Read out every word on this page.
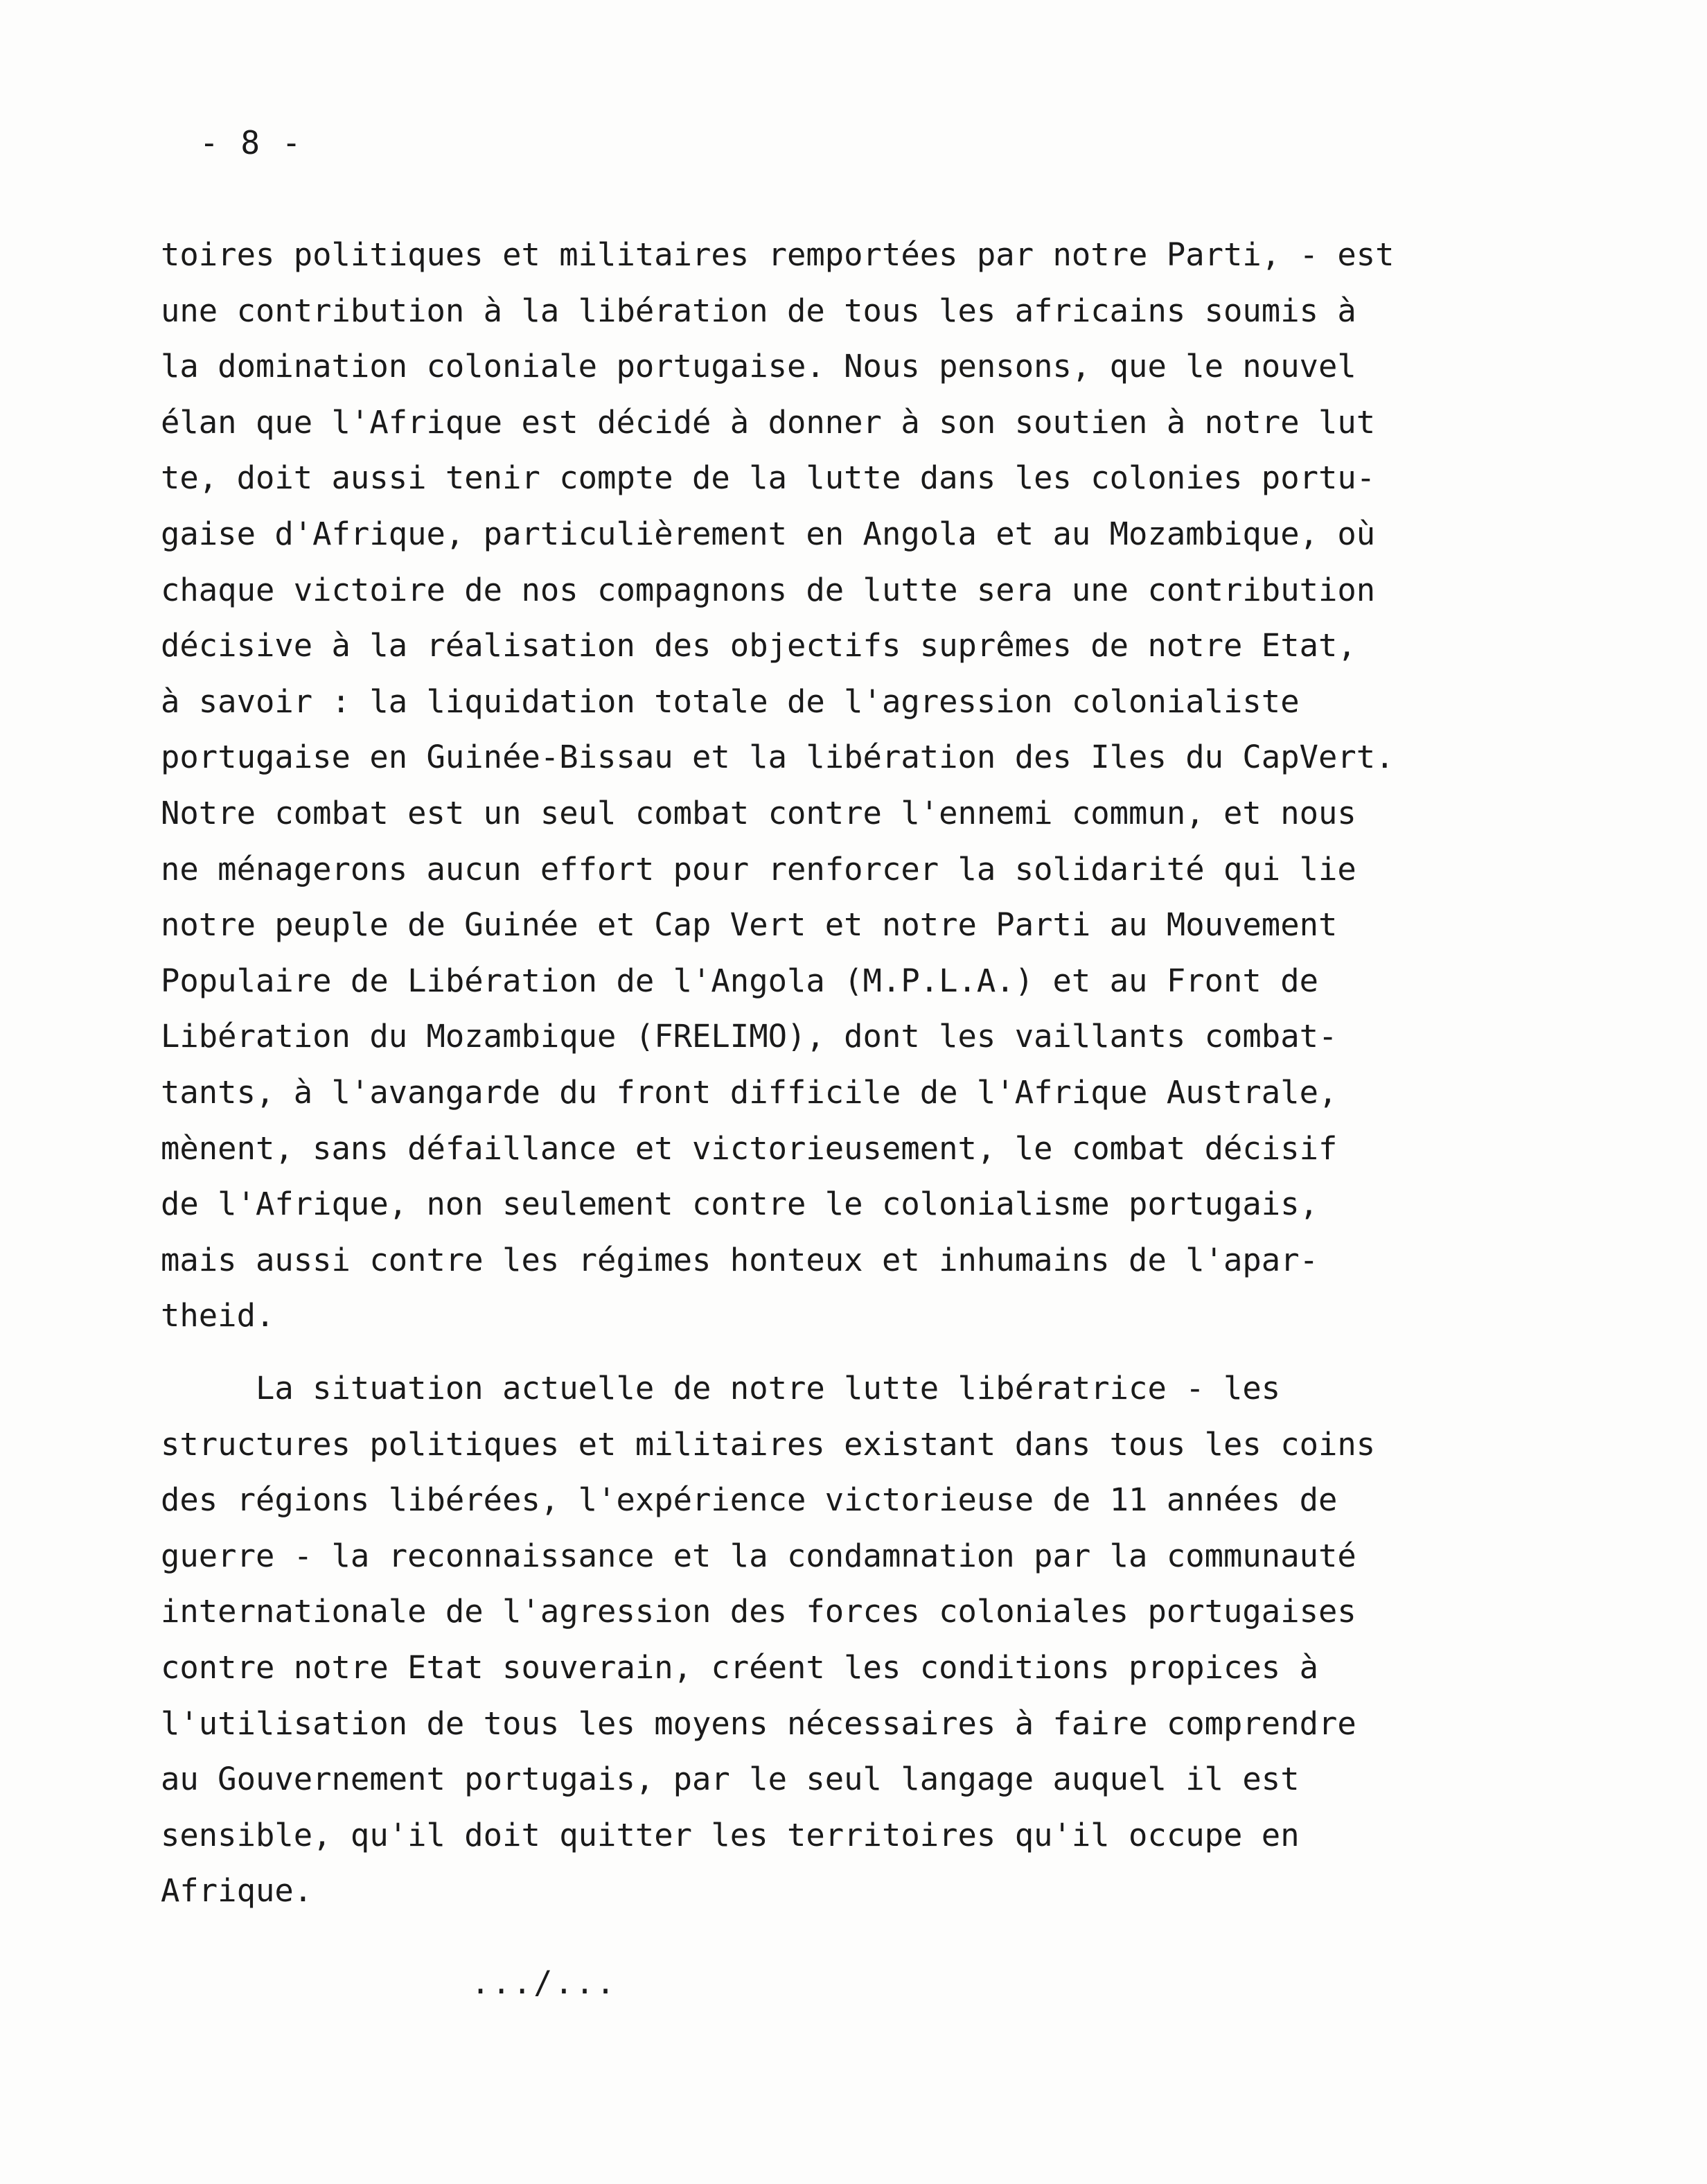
- 8 -
toires politiques et militaires remportées par notre Parti, - est
une contribution à la libération de tous les africains soumis à
la domination coloniale portugaise. Nous pensons, que le nouvel
élan que l'Afrique est décidé à donner à son soutien à notre lut
te, doit aussi tenir compte de la lutte dans les colonies portu-
gaise d'Afrique, particulièrement en Angola et au Mozambique, où
chaque victoire de nos compagnons de lutte sera une contribution
décisive à la réalisation des objectifs suprêmes de notre Etat,
à savoir : la liquidation totale de l'agression colonialiste
portugaise en Guinée-Bissau et la libération des Iles du CapVert.
Notre combat est un seul combat contre l'ennemi commun, et nous
ne ménagerons aucun effort pour renforcer la solidarité qui lie
notre peuple de Guinée et Cap Vert et notre Parti au Mouvement
Populaire de Libération de l'Angola (M.P.L.A.) et au Front de
Libération du Mozambique (FRELIMO), dont les vaillants combat-
tants, à l'avangarde du front difficile de l'Afrique Australe,
mènent, sans défaillance et victorieusement, le combat décisif
de l'Afrique, non seulement contre le colonialisme portugais,
mais aussi contre les régimes honteux et inhumains de l'apar-
theid.
La situation actuelle de notre lutte libératrice - les
structures politiques et militaires existant dans tous les coins
des régions libérées, l'expérience victorieuse de 11 années de
guerre - la reconnaissance et la condamnation par la communauté
internationale de l'agression des forces coloniales portugaises
contre notre Etat souverain, créent les conditions propices à
l'utilisation de tous les moyens nécessaires à faire comprendre
au Gouvernement portugais, par le seul langage auquel il est
sensible, qu'il doit quitter les territoires qu'il occupe en
Afrique.
.../...
